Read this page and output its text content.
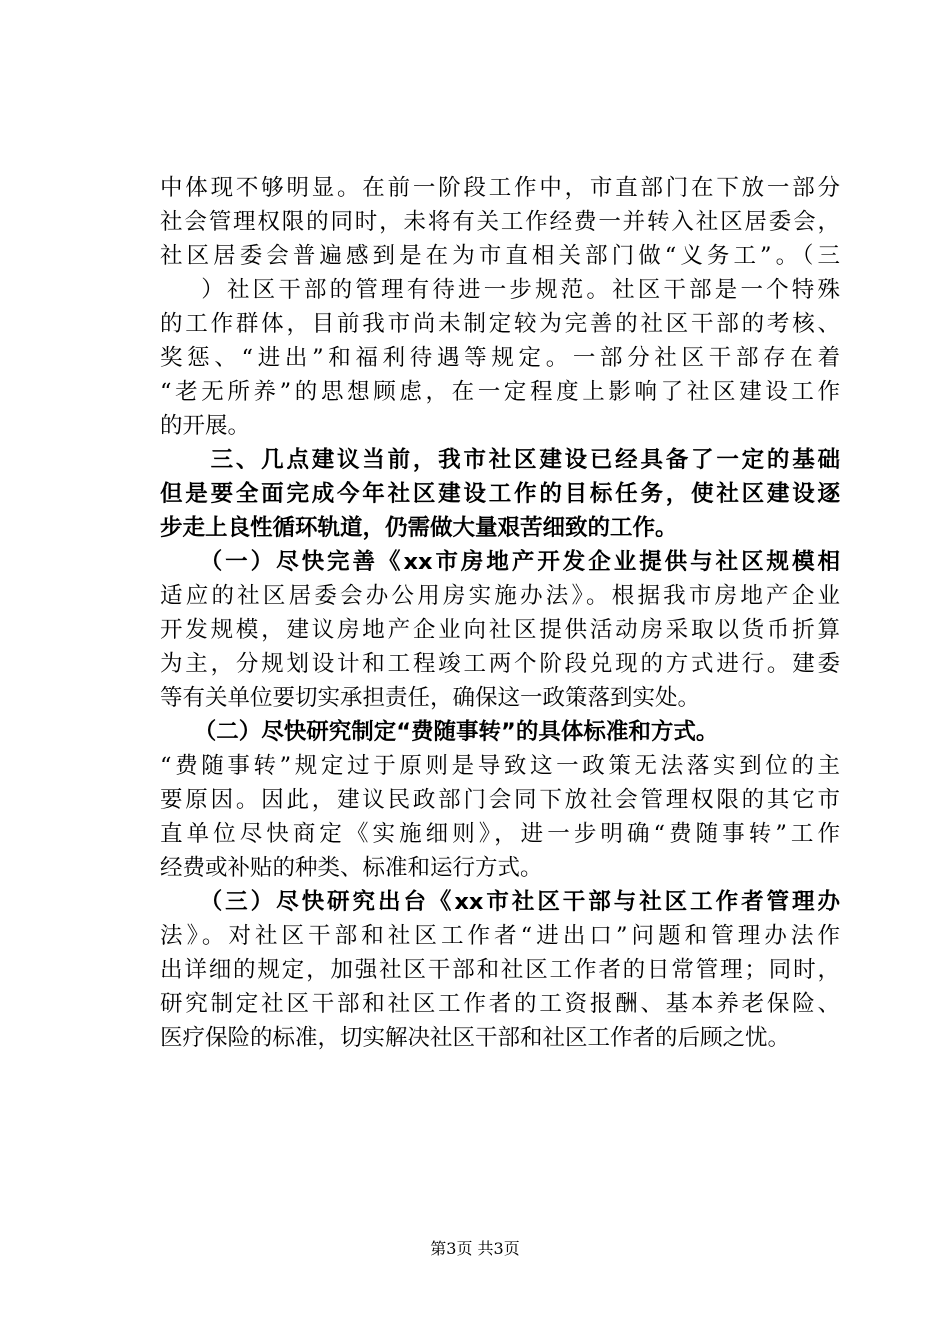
中体现不够明显。在前一阶段工作中，市直部门在下放一部分
社会管理权限的同时，未将有关工作经费一并转入社区居委会，
社区居委会普遍感到是在为市直相关部门做“义务工”。（三
）社区干部的管理有待进一步规范。社区干部是一个特殊
的工作群体，目前我市尚未制定较为完善的社区干部的考核、
奖惩、“进出”和福利待遇等规定。一部分社区干部存在着
“老无所养”的思想顾虑，在一定程度上影响了社区建设工作
的开展。
　　三、几点建议当前，我市社区建设已经具备了一定的基础
但是要全面完成今年社区建设工作的目标任务，使社区建设逐
步走上良性循环轨道，仍需做大量艰苦细致的工作。
　　（一）尽快完善《xx市房地产开发企业提供与社区规模相
适应的社区居委会办公用房实施办法》。根据我市房地产企业
开发规模，建议房地产企业向社区提供活动房采取以货币折算
为主，分规划设计和工程竣工两个阶段兑现的方式进行。建委
等有关单位要切实承担责任，确保这一政策落到实处。
　　（二）尽快研究制定“费随事转”的具体标准和方式。
“费随事转”规定过于原则是导致这一政策无法落实到位的主
要原因。因此，建议民政部门会同下放社会管理权限的其它市
直单位尽快商定《实施细则》，进一步明确“费随事转”工作
经费或补贴的种类、标准和运行方式。
　　（三）尽快研究出台《xx市社区干部与社区工作者管理办
法》。对社区干部和社区工作者“进出口”问题和管理办法作
出详细的规定，加强社区干部和社区工作者的日常管理；同时，
研究制定社区干部和社区工作者的工资报酬、基本养老保险、
医疗保险的标准，切实解决社区干部和社区工作者的后顾之忧。
第3页 共3页
